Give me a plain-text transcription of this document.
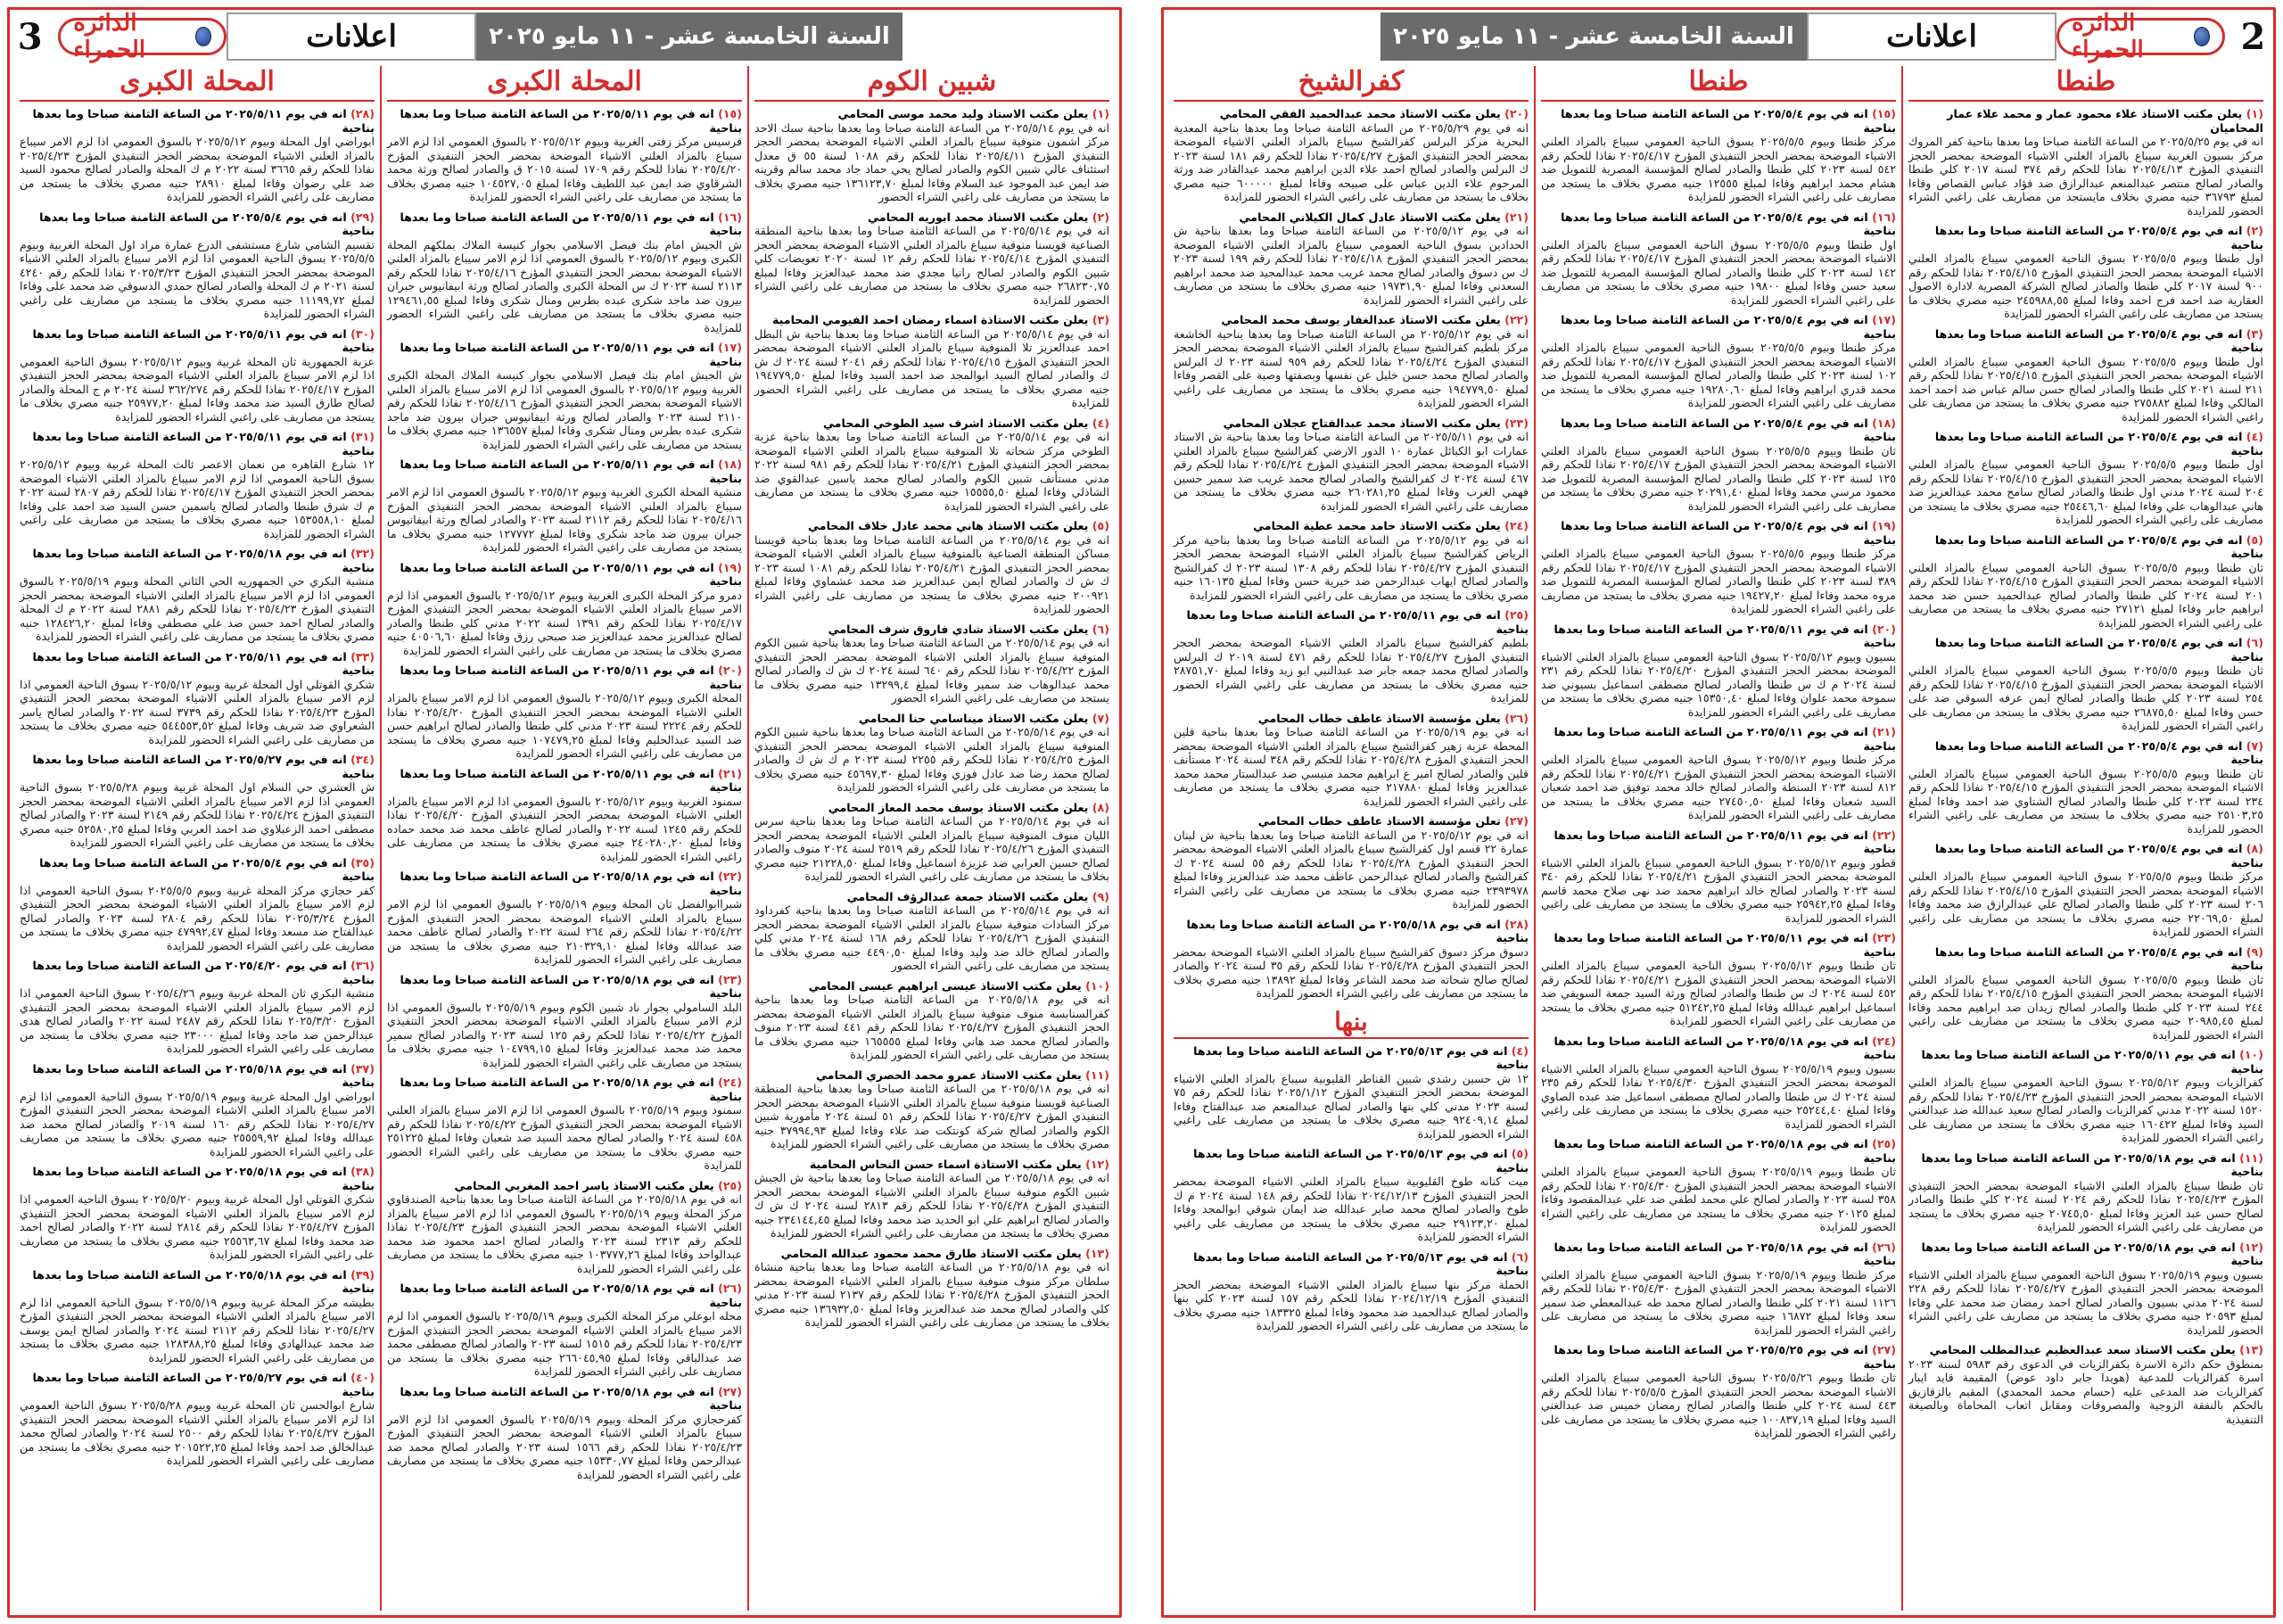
الدائرة الحمراء	2
السنة الخامسة عشر - ١١ مايو ٢٠٢٥	اعلانات
طنطا
(١) يعلن مكتب الاستاذ علاء محمود عمار و محمد علاء عمار المحاميان
انه في يوم ٢٠٢٥/٥/٢٥ من الساعة الثامنة صباحا وما بعدها بناحية كفر المروك مركز بسيون الغربية سيباع بالمزاد العلني الاشياء الموضحة بمحضر الحجز التنفيذي المؤرخ ٢٠٢٥/٤/١٣ نفاذا للحكم رقم ٣٧٤ لسنة ٢٠١٧ كلي طنطا والصادر لصالح منتصر عبدالمنعم عبدالرازق ضد فؤاد عباس القصاص وفاءا لمبلغ ٣٦٧٩٣ جنيه مصري بخلاف مايستجد من مصاريف على راغبي الشراء الحضور للمزايدة
(٢) انه في يوم ٢٠٢٥/٥/٤ من الساعة الثامنة صباحا وما بعدها بناحية
اول طنطا وبيوم ٢٠٢٥/٥/٥ بسوق الناحية العمومي سيباع بالمزاد العلني الاشياء الموضحة بمحضر الحجز التنفيذي المؤرخ ٢٠٢٥/٤/١٥ نفاذا للحكم رقم ٩٠٠ لسنة ٢٠١٧ كلي طنطا والصادر لصالح الشركة المصرية لادارة الاصول العقارية ضد احمد فرج احمد وفاءا لمبلغ ٢٤٥٩٨٨,٥٥ جنيه مصري بخلاف ما يستجد من مصاريف على راغبي الشراء الحضور للمزايدة
(٣) انه في يوم ٢٠٢٥/٥/٤ من الساعة الثامنة صباحا وما بعدها بناحية
اول طنطا وبيوم ٢٠٢٥/٥/٥ بسوق الناحية العمومي سيباع بالمزاد العلني الاشياء الموضحة بمحضر الحجز التنفيذي المؤرخ ٢٠٢٥/٤/١٥ نفاذا للحكم رقم ٢١١ لسنة ٢٠٢١ كلي طنطا والصادر لصالح حسن سالم عباس ضد احمد احمد المالكي وفاءا لمبلغ ٢٧٥٨٨٢ جنيه مصري بخلاف ما يستجد من مصاريف على راغبي الشراء الحضور للمزايدة
(٤) انه في يوم ٢٠٢٥/٥/٤ من الساعة الثامنة صباحا وما بعدها بناحية
اول طنطا وبيوم ٢٠٢٥/٥/٥ بسوق الناحية العمومي سيباع بالمزاد العلني الاشياء الموضحة بمحضر الحجز التنفيذي المؤرخ ٢٠٢٥/٤/١٥ نفاذا للحكم رقم ٢٠٤ لسنة ٢٠٢٤ مدني اول طنطا والصادر لصالح سامح محمد عبدالعزيز ضد هاني عبدالوهاب علي وفاءا لمبلغ ٢٥٤٤٦,٦٠ جنيه مصري بخلاف ما يستجد من مصاريف على راغبي الشراء الحضور للمزايدة
(٥) انه في يوم ٢٠٢٥/٥/٤ من الساعة الثامنة صباحا وما بعدها بناحية
ثان طنطا وبيوم ٢٠٢٥/٥/٥ بسوق الناحية العمومي سيباع بالمزاد العلني الاشياء الموضحة بمحضر الحجز التنفيذي المؤرخ ٢٠٢٥/٤/١٥ نفاذا للحكم رقم ٢٠١ لسنة ٢٠٢٤ كلي طنطا والصادر لصالح عبدالحميد حسن ضد محمد ابراهيم جابر وفاءا لمبلغ ٢٧١٢١ جنيه مصري بخلاف ما يستجد من مصاريف على راغبي الشراء الحضور للمزايدة
(٦) انه في يوم ٢٠٢٥/٥/٤ من الساعة الثامنة صباحا وما بعدها بناحية
ثان طنطا وبيوم ٢٠٢٥/٥/٥ بسوق الناحية العمومي سيباع بالمزاد العلني الاشياء الموضحة بمحضر الحجز التنفيذي المؤرخ ٢٠٢٥/٤/١٥ نفاذا للحكم رقم ٢٥٤ لسنة ٢٠٢٣ كلي طنطا والصادر لصالح ايمن عرفه السوقي ضد على حسن وفاءا لمبلغ ٢٦٨٧٥,٥٠ جنيه مصري بخلاف ما يستجد من مصاريف على راغبي الشراء الحضور للمزايدة
(٧) انه في يوم ٢٠٢٥/٥/٤ من الساعة الثامنة صباحا وما بعدها بناحية
ثان طنطا وبيوم ٢٠٢٥/٥/٥ بسوق الناحية العمومي سيباع بالمزاد العلني الاشياء الموضحة بمحضر الحجز التنفيذي المؤرخ ٢٠٢٥/٤/١٥ نفاذا للحكم رقم ٢٣٤ لسنة ٢٠٢٣ كلي طنطا والصادر لصالح الشتاوي ضد احمد وفاءا لمبلغ ٢٥١٠٣,٢٥ جنيه مصري بخلاف ما يستجد من مصاريف على راغبي الشراء الحضور للمزايدة
(٨) انه في يوم ٢٠٢٥/٥/٤ من الساعة الثامنة صباحا وما بعدها بناحية
مركز طنطا وبيوم ٢٠٢٥/٥/٥ بسوق الناحية العمومي سيباع بالمزاد العلني الاشياء الموضحة بمحضر الحجز التنفيذي المؤرخ ٢٠٢٥/٤/١٥ نفاذا للحكم رقم ٢٠٦ لسنة ٢٠٢٣ كلي طنطا والصادر لصالح علي عبدالرازق ضد محمد وفاءا لمبلغ ٢٢٠٦٩,٥٠ جنيه مصري بخلاف ما يستجد من مصاريف على راغبي الشراء الحضور للمزايدة
(٩) انه في يوم ٢٠٢٥/٥/٤ من الساعة الثامنة صباحا وما بعدها بناحية
ثان طنطا وبيوم ٢٠٢٥/٥/٥ بسوق الناحية العمومي سيباع بالمزاد العلني الاشياء الموضحة بمحضر الحجز التنفيذي المؤرخ ٢٠٢٥/٤/١٥ نفاذا للحكم رقم ٢٤٤ لسنة ٢٠٢٣ كلي طنطا والصادر لصالح زيدان ضد ابراهيم محمد وفاءا لمبلغ ٢٠٩٨٥,٤٥ جنيه مصري بخلاف ما يستجد من مصاريف على راغبي الشراء الحضور للمزايدة
(١٠) انه في يوم ٢٠٢٥/٥/١١ من الساعة الثامنة صباحا وما بعدها بناحية
كفرالزيات وبيوم ٢٠٢٥/٥/١٢ بسوق الناحية العمومي سيباع بالمزاد العلني الاشياء الموضحة بمحضر الحجز التنفيذي المؤرخ ٢٠٢٥/٤/٢٣ نفاذا للحكم رقم ١٥٢٠ لسنة ٢٠٢٢ مدني كفرالزيات والصادر لصالح سعيد عبدالله ضد عبدالغني السيد وفاءا لمبلغ ١٦٠٤٢٢ جنيه مصري بخلاف ما يستجد من مصاريف على راغبي الشراء الحضور للمزايدة
(١١) انه في يوم ٢٠٢٥/٥/١٨ من الساعة الثامنة صباحا وما بعدها بناحية
ثان طنطا سيباع بالمزاد العلني الاشياء الموضحة بمحضر الحجز التنفيذي المؤرخ ٢٠٢٥/٤/٢٣ نفاذا للحكم رقم ٢٠٢٤ لسنة ٢٠٢٤ كلي طنطا والصادر لصالح حسن عبد العزيز وفاءا لمبلغ ٢٠٧٤٥,٥٠ جنيه مصري بخلاف ما يستجد من مصاريف على راغبي الشراء الحضور للمزايدة
(١٢) انه في يوم ٢٠٢٥/٥/١٨ من الساعة الثامنة صباحا وما بعدها بناحية
بسيون وبيوم ٢٠٢٥/٥/١٩ بسوق الناحية العمومي سيباع بالمزاد العلني الاشياء الموضحة بمحضر الحجز التنفيذي المؤرخ ٢٠٢٥/٤/٢٧ نفاذا للحكم رقم ٢٢٨ لسنة ٢٠٢٤ مدني بسيون والصادر لصالح احمد رمضان ضد محمد علي وفاءا لمبلغ ٢٠٥٩٣ جنيه مصري بخلاف ما يستجد من مصاريف على راغبي الشراء الحضور للمزايدة
(١٣) يعلن مكتب الاستاذ سعد عبدالعظيم عبدالمطلب المحامي
بمنطوق حكم دائرة الاسرة بكفرالزيات في الدعوى رقم ٥٩٨٣ لسنة ٢٠٢٣ اسرة كفرالزيات للمدعية (هويدا جابر داود عوض) المقيمة قايد ايبار كفرالزيات ضد المدعى عليه (حسام محمد المحمدي) المقيم بالزقازيق بالحكم بالنفقة الزوجية والمصروفات ومقابل اتعاب المحاماة وبالصيغة التنفيذية
طنطا
(١٥) انه في يوم ٢٠٢٥/٥/٤ من الساعة الثامنة صباحا وما بعدها بناحية
مركز طنطا وبيوم ٢٠٢٥/٥/٥ بسوق الناحية العمومي سيباع بالمزاد العلني الاشياء الموضحة بمحضر الحجز التنفيذي المؤرخ ٢٠٢٥/٤/١٧ نفاذا للحكم رقم ٥٤٢ لسنة ٢٠٢٣ كلي طنطا والصادر لصالح المؤسسة المصرية للتمويل ضد هشام محمد ابراهيم وفاءا لمبلغ ١٢٥٥٥ جنيه مصري بخلاف ما يستجد من مصاريف على راغبي الشراء الحضور للمزايدة
(١٦) انه في يوم ٢٠٢٥/٥/٤ من الساعة الثامنة صباحا وما بعدها بناحية
اول طنطا وبيوم ٢٠٢٥/٥/٥ بسوق الناحية العمومي سيباع بالمزاد العلني الاشياء الموضحة بمحضر الحجز التنفيذي المؤرخ ٢٠٢٥/٤/١٧ نفاذا للحكم رقم ١٤٢ لسنة ٢٠٢٣ كلي طنطا والصادر لصالح المؤسسة المصرية للتمويل ضد سعيد حسن وفاءا لمبلغ ١٩٨٠٠ جنيه مصري بخلاف ما يستجد من مصاريف على راغبي الشراء الحضور للمزايدة
(١٧) انه في يوم ٢٠٢٥/٥/٤ من الساعة الثامنة صباحا وما بعدها بناحية
مركز طنطا وبيوم ٢٠٢٥/٥/٥ بسوق الناحية العمومي سيباع بالمزاد العلني الاشياء الموضحة بمحضر الحجز التنفيذي المؤرخ ٢٠٢٥/٤/١٧ نفاذا للحكم رقم ١٠٢ لسنة ٢٠٢٣ كلي طنطا والصادر لصالح المؤسسة المصرية للتمويل ضد محمد قدري ابراهيم وفاءا لمبلغ ١٩٢٨٠,٦٠ جنيه مصري بخلاف ما يستجد من مصاريف على راغبي الشراء الحضور للمزايدة
(١٨) انه في يوم ٢٠٢٥/٥/٤ من الساعة الثامنة صباحا وما بعدها بناحية
ثان طنطا وبيوم ٢٠٢٥/٥/٥ بسوق الناحية العمومي سيباع بالمزاد العلني الاشياء الموضحة بمحضر الحجز التنفيذي المؤرخ ٢٠٢٥/٤/١٧ نفاذا للحكم رقم ١٢٥ لسنة ٢٠٢٣ كلي طنطا والصادر لصالح المؤسسة المصرية للتمويل ضد محمود مرسي محمد وفاءا لمبلغ ٢٠٢٩١,٤٠ جنيه مصري بخلاف ما يستجد من مصاريف على راغبي الشراء الحضور للمزايدة
(١٩) انه في يوم ٢٠٢٥/٥/٤ من الساعة الثامنة صباحا وما بعدها بناحية
مركز طنطا وبيوم ٢٠٢٥/٥/٥ بسوق الناحية العمومي سيباع بالمزاد العلني الاشياء الموضحة بمحضر الحجز التنفيذي المؤرخ ٢٠٢٥/٤/١٧ نفاذا للحكم رقم ٣٨٩ لسنة ٢٠٢٣ كلي طنطا والصادر لصالح المؤسسة المصرية للتمويل ضد مروه محمد وفاءا لمبلغ ١٩٤٢٧,٢٠ جنيه مصري بخلاف ما يستجد من مصاريف على راغبي الشراء الحضور للمزايدة
(٢٠) انه في يوم ٢٠٢٥/٥/١١ من الساعة الثامنة صباحا وما بعدها بناحية
بسيون وبيوم ٢٠٢٥/٥/١٢ بسوق الناحية العمومي سيباع بالمزاد العلني الاشياء الموضحة بمحضر الحجز التنفيذي المؤرخ ٢٠٢٥/٤/٢٠ نفاذا للحكم رقم ٢٣١ لسنة ٢٠٢٤ م ك س طنطا والصادر لصالح مصطفى اسماعيل بسيوني ضد سموحة محمد علوان وفاءا لمبلغ ١٥٣٥٠,٤٠ جنيه مصري بخلاف ما يستجد من مصاريف على راغبي الشراء الحضور للمزايدة
(٢١) انه في يوم ٢٠٢٥/٥/١١ من الساعة الثامنة صباحا وما بعدها بناحية
مركز طنطا وبيوم ٢٠٢٥/٥/١٢ بسوق الناحية العمومي سيباع بالمزاد العلني الاشياء الموضحة بمحضر الحجز التنفيذي المؤرخ ٢٠٢٥/٤/٢١ نفاذا للحكم رقم ٨١٢ لسنة ٢٠٢٣ السنطة والصادر لصالح خالد محمد توفيق ضد احمد شعبان السيد شعبان وفاءا لمبلغ ٢٧٤٥٠,٥٠ جنيه مصري بخلاف ما يستجد من مصاريف على راغبي الشراء الحضور للمزايدة
(٢٢) انه في يوم ٢٠٢٥/٥/١١ من الساعة الثامنة صباحا وما بعدها بناحية
قطور وبيوم ٢٠٢٥/٥/١٢ بسوق الناحية العمومي سيباع بالمزاد العلني الاشياء الموضحة بمحضر الحجز التنفيذي المؤرخ ٢٠٢٥/٤/٢١ نفاذا للحكم رقم ٣٤٠ لسنة ٢٠٢٣ والصادر لصالح خالد ابراهيم محمد ضد نهى صلاح محمد قاسم وفاءا لمبلغ ٢٥٩٤٢,٢٥ جنيه مصري بخلاف ما يستجد من مصاريف على راغبي الشراء الحضور للمزايدة
(٢٣) انه في يوم ٢٠٢٥/٥/١١ من الساعة الثامنة صباحا وما بعدها بناحية
ثان طنطا وبيوم ٢٠٢٥/٥/١٢ بسوق الناحية العمومي سيباع بالمزاد العلني الاشياء الموضحة بمحضر الحجز التنفيذي المؤرخ ٢٠٢٥/٤/٢١ نفاذا للحكم رقم ٤٥٢ لسنة ٢٠٢٤ ك س طنطا والصادر لصالح ورثة السيد جمعة السويفي ضد اسماعيل ابراهيم عبدالله وفاءا لمبلغ ٥١٢٤٢,٢٥ جنيه مصري بخلاف ما يستجد من مصاريف على راغبي الشراء الحضور للمزايدة
(٢٤) انه في يوم ٢٠٢٥/٥/١٨ من الساعة الثامنة صباحا وما بعدها بناحية
بسيون وبيوم ٢٠٢٥/٥/١٩ بسوق الناحية العمومي سيباع بالمزاد العلني الاشياء الموضحة بمحضر الحجز التنفيذي المؤرخ ٢٠٢٥/٤/٣٠ نفاذا للحكم رقم ٢٣٥ لسنة ٢٠٢٤ ك س طنطا والصادر لصالح مصطفى اسماعيل ضد عبده الصاوي وفاءا لمبلغ ٢٥٢٤٤,٤٠ جنيه مصري بخلاف ما يستجد من مصاريف على راغبي الشراء الحضور للمزايدة
(٢٥) انه في يوم ٢٠٢٥/٥/١٨ من الساعة الثامنة صباحا وما بعدها بناحية
ثان طنطا وبيوم ٢٠٢٥/٥/١٩ بسوق الناحية العمومي سيباع بالمزاد العلني الاشياء الموضحة بمحضر الحجز التنفيذي المؤرخ ٢٠٢٥/٤/٣٠ نفاذا للحكم رقم ٣٥٨ لسنة ٢٠٢٣ والصادر لصالح علي محمد لطفي ضد علي عبدالمقصود وفاءا لمبلغ ٢٠١٢٥ جنيه مصري بخلاف ما يستجد من مصاريف على راغبي الشراء الحضور للمزايدة
(٢٦) انه في يوم ٢٠٢٥/٥/١٨ من الساعة الثامنة صباحا وما بعدها بناحية
مركز طنطا وبيوم ٢٠٢٥/٥/١٩ بسوق الناحية العمومي سيباع بالمزاد العلني الاشياء الموضحة بمحضر الحجز التنفيذي المؤرخ ٢٠٢٥/٤/٣٠ نفاذا للحكم رقم ١١٢٦ لسنة ٢٠٢١ كلي طنطا والصادر لصالح محمد طه عبدالمعطي ضد سمير سعد وفاءا لمبلغ ١٦٨٧٢ جنيه مصري بخلاف ما يستجد من مصاريف على راغبي الشراء الحضور للمزايدة
(٢٧) انه في يوم ٢٠٢٥/٥/٢٥ من الساعة الثامنة صباحا وما بعدها بناحية
ثان طنطا وبيوم ٢٠٢٥/٥/٢٦ بسوق الناحية العمومي سيباع بالمزاد العلني الاشياء الموضحة بمحضر الحجز التنفيذي المؤرخ ٢٠٢٥/٥/٥ نفاذا للحكم رقم ٤٤٣ لسنة ٢٠٢٤ كلي طنطا والصادر لصالح رمضان خميس ضد عبدالغني السيد وفاءا لمبلغ ١٠٠٨٣٧,١٩ جنيه مصري بخلاف ما يستجد من مصاريف على راغبي الشراء الحضور للمزايدة
كفرالشيخ
(٢٠) يعلن مكتب الاستاذ محمد عبدالحميد الفقي المحامي
انه في يوم ٢٠٢٥/٥/٢٩ من الساعة الثامنة صباحا وما بعدها بناحية المعدية البحرية مركز البرلس كفرالشيخ سيباع بالمزاد العلني الاشياء الموضحة بمحضر الحجز التنفيذي المؤرخ ٢٠٢٥/٤/٢٧ نفاذا للحكم رقم ١٨١ لسنة ٢٠٢٣ ك البرلس والصادر لصالح احمد علاء الدين ابراهيم محمد عبدالقادر ضد ورثة المرحوم علاء الدين عباس على صبيحه وفاءا لمبلغ ٦٠٠٠٠٠ جنيه مصري بخلاف ما يستجد من مصاريف على راغبي الشراء الحضور للمزايدة
(٢١) يعلن مكتب الاستاذ عادل كمال الكيلاني المحامي
انه في يوم ٢٠٢٥/٥/١٢ من الساعة الثامنة صباحا وما بعدها بناحية ش الحدادين بسوق الناحية العمومي سيباع بالمزاد العلني الاشياء الموضحة بمحضر الحجز التنفيذي المؤرخ ٢٠٢٥/٤/١٨ نفاذا للحكم رقم ١٩٩ لسنة ٢٠٢٣ ك س دسوق والصادر لصالح محمد غريب محمد عبدالمجيد ضد محمد ابراهيم السعدني وفاءا لمبلغ ١٩٧٣١,٩٠ جنيه مصري بخلاف ما يستجد من مصاريف على راغبي الشراء الحضور للمزايدة
(٢٢) يعلن مكتب الاستاذ عبدالغفار يوسف محمد المحامي
انه في يوم ٢٠٢٥/٥/١٢ من الساعة الثامنة صباحا وما بعدها بناحية الخاشعة مركز بلطيم كفرالشيخ سيباع بالمزاد العلني الاشياء الموضحة بمحضر الحجز التنفيذي المؤرخ ٢٠٢٥/٤/٢٤ نفاذا للحكم رقم ٩٥٩ لسنة ٢٠٢٣ ك البرلس والصادر لصالح محمد حسن خليل عن نفسها وبصفتها وصية على القصر وفاءا لمبلغ ١٩٤٧٧٩,٥٠ جنيه مصري بخلاف ما يستجد من مصاريف على راغبي الشراء الحضور للمزايدة
(٢٣) يعلن مكتب الاستاذ محمد عبدالفتاح عجلان المحامي
انه في يوم ٢٠٢٥/٥/١١ من الساعة الثامنة صباحا وما بعدها بناحية ش الاستاد عمارات ابو الكبائل عمارة ١٠ الدور الارضي كفرالشيخ سيباع بالمزاد العلني الاشياء الموضحة بمحضر الحجز التنفيذي المؤرخ ٢٠٢٥/٤/٢٤ نفاذا للحكم رقم ٤٦٧ لسنة ٢٠٢٤ ك كفرالشيخ والصادر لصالح محمد غريب ضد سمير حسين فهمي الغرب وفاءا لمبلغ ٢٦٠٢٨١,٢٥ جنيه مصري بخلاف ما يستجد من مصاريف على راغبي الشراء الحضور للمزايدة
(٢٤) يعلن مكتب الاستاذ حامد محمد عطية المحامي
انه في يوم ٢٠٢٥/٥/١٢ من الساعة الثامنة صباحا وما بعدها بناحية مركز الرياض كفرالشيخ سيباع بالمزاد العلني الاشياء الموضحة بمحضر الحجز التنفيذي المؤرخ ٢٠٢٥/٤/٢٧ نفاذا للحكم رقم ١٣٠٨ لسنة ٢٠٢٣ ك كفرالشيخ والصادر لصالح ايهاب عبدالرحمن ضد خيرية حسن وفاءا لمبلغ ١٦٠١٣٥ جنيه مصري بخلاف ما يستجد من مصاريف على راغبي الشراء الحضور للمزايدة
(٢٥) انه في يوم ٢٠٢٥/٥/١١ من الساعة الثامنة صباحا وما بعدها بناحية
بلطيم كفرالشيخ سيباع بالمزاد العلني الاشياء الموضحة بمحضر الحجز التنفيذي المؤرخ ٢٠٢٥/٤/٢٧ نفاذا للحكم رقم ٤٧١ لسنة ٢٠١٩ ك البرلس والصادر لصالح محمد جمعه جابر ضد عبدالنبي ابو زيد وفاءا لمبلغ ٢٨٧٥١,٧٠ جنيه مصري بخلاف ما يستجد من مصاريف على راغبي الشراء الحضور للمزايدة
(٢٦) يعلن مؤسسة الاستاذ عاطف خطاب المحامي
انه في يوم ٢٠٢٥/٥/١٩ من الساعة الثامنة صباحا وما بعدها بناحية قلين المحطة عزبة زهير كفرالشيخ سيباع بالمزاد العلني الاشياء الموضحة بمحضر الحجز التنفيذي المؤرخ ٢٠٢٥/٤/٢٨ نفاذا للحكم رقم ٣٤٨ لسنة ٢٠٢٤ مستأنف قلين والصادر لصالح امير ع ابراهيم محمد منيسي ضد عبدالستار محمد محمد عبدالعزيز وفاءا لمبلغ ٢١٧٨٨٠ جنيه مصري بخلاف ما يستجد من مصاريف على راغبي الشراء الحضور للمزايدة
(٢٧) تعلن مؤسسة الاستاذ عاطف خطاب المحامي
انه في يوم ٢٠٢٥/٥/١٢ من الساعة الثامنة صباحا وما بعدها بناحية ش لبنان عمارة ٢٢ قسم اول كفرالشيخ سيباع بالمزاد العلني الاشياء الموضحة بمحضر الحجز التنفيذي المؤرخ ٢٠٢٥/٤/٢٨ نفاذا للحكم رقم ٥٥ لسنة ٢٠٢٤ ك كفرالشيخ والصادر لصالح عبدالرحمن عاطف محمد ضد عبدالعزيز وفاءا لمبلغ ٢٣٩٣٩٧٨ جنيه مصري بخلاف ما يستجد من مصاريف على راغبي الشراء الحضور للمزايدة
(٢٨) انه في يوم ٢٠٢٥/٥/١٨ من الساعة الثامنة صباحا وما بعدها بناحية
دسوق مركز دسوق كفرالشيخ سيباع بالمزاد العلني الاشياء الموضحة بمحضر الحجز التنفيذي المؤرخ ٢٠٢٥/٤/٢٨ نفاذا للحكم رقم ٣٥ لسنة ٢٠٢٤ والصادر لصالح صالح شحاته ضد محمد الشاعر وفاءا لمبلغ ١٣٨٩٢ جنيه مصري بخلاف ما يستجد من مصاريف على راغبي الشراء الحضور للمزايدة
بنها
(٤) انه في يوم ٢٠٢٥/٥/١٣ من الساعة الثامنة صباحا وما بعدها بناحية
١٢ ش حسين رشدي شبين القناطر القليوبية سيباع بالمزاد العلني الاشياء الموضحة بمحضر الحجز التنفيذي المؤرخ ٢٠٢٥/١/١٢ نفاذا للحكم رقم ٧٥ لسنة ٢٠٢٣ مدني كلي بنها والصادر لصالح عبدالمنعم ضد عبدالفتاح وفاءا لمبلغ ٩٢٤٠٩,١٤ جنيه مصري بخلاف ما يستجد من مصاريف على راغبي الشراء الحضور للمزايدة
(٥) انه في يوم ٢٠٢٥/٥/١٣ من الساعة الثامنة صباحا وما بعدها بناحية
ميت كنانه طوخ القليوبية سيباع بالمزاد العلني الاشياء الموضحة بمحضر الحجز التنفيذي المؤرخ ٢٠٢٤/١٢/١٣ نفاذا للحكم رقم ١٤٨ لسنة ٢٠٢٤ م ك طوخ والصادر لصالح محمد صابر عبدالله ضد ايمان شوقي ابوالمجد وفاءا لمبلغ ٢٩١٢٣,٢٠ جنيه مصري بخلاف ما يستجد من مصاريف على راغبي الشراء الحضور للمزايدة
(٦) انه في يوم ٢٠٢٥/٥/١٣ من الساعة الثامنة صباحا وما بعدها بناحية
الحملة مركز بنها سيباع بالمزاد العلني الاشياء الموضحة بمحضر الحجز التنفيذي المؤرخ ٢٠٢٤/١٢/١٩ نفاذا للحكم رقم ١٥٧ لسنة ٢٠٢٣ كلي بنها والصادر لصالح عبدالحميد ضد محمود وفاءا لمبلغ ١٨٣٣٢٥ جنيه مصري بخلاف ما يستجد من مصاريف على راغبي الشراء الحضور للمزايدة
اعلانات	السنة الخامسة عشر - ١١ مايو ٢٠٢٥
3 الدائرة الحمراء
شبين الكوم
(١) يعلن مكتب الاستاذ وليد محمد موسى المحامي
انه في يوم ٢٠٢٥/٥/١٤ من الساعة الثامنة صباحا وما بعدها بناحية سبك الاحد مركز اشمون منوفية سيباع بالمزاد العلني الاشياء الموضحة بمحضر الحجز التنفيذي المؤرخ ٢٠٢٥/٤/١١ نفاذا للحكم رقم ١٠٨٨ لسنة ٥٥ ق معدل استئناف عالي شبين الكوم والصادر لصالح يحي حماد جاد محمد سالم وقرينه ضد ايمن عبد الموجود عبد السلام وفاءا لمبلغ ١٣٦١٢٣,٧٠ جنيه مصري بخلاف ما يستجد من مصاريف على راغبي الشراء الحضور
(٢) يعلن مكتب الاستاذ محمد ابوريه المحامي
انه في يوم ٢٠٢٥/٥/١٤ من الساعة الثامنة صباحا وما بعدها بناحية المنطقة الصناعية قويسنا منوفية سيباع بالمزاد العلني الاشياء الموضحة بمحضر الحجز التنفيذي المؤرخ ٢٠٢٥/٤/١٤ نفاذا للحكم رقم ١٢ لسنة ٢٠٢٠ تعويضات كلي شبين الكوم والصادر لصالح رانيا مجدي ضد محمد عبدالعزيز وفاءا لمبلغ ٢٦٨٢٣٠,٧٥ جنيه مصري بخلاف ما يستجد من مصاريف على راغبي الشراء الحضور للمزايدة
(٣) يعلن مكتب الاستاذة اسماء رمضان احمد الفيومي المحامية
انه في يوم ٢٠٢٥/٥/١٤ من الساعة الثامنة صباحا وما بعدها بناحية ش البطل احمد عبدالعزيز تلا المنوفية سيباع بالمزاد العلني الاشياء الموضحة بمحضر الحجز التنفيذي المؤرخ ٢٠٢٥/٤/١٥ نفاذا للحكم رقم ٢٠٤١ لسنة ٢٠٢٤ ك ش ك والصادر لصالح السيد ابوالمجد ضد احمد السيد وفاءا لمبلغ ١٩٤٧٧٩,٥٠ جنيه مصري بخلاف ما يستجد من مصاريف على راغبي الشراء الحضور للمزايدة
(٤) يعلن مكتب الاستاذ اشرف سيد الطوخي المحامي
انه في يوم ٢٠٢٥/٥/١٤ من الساعة الثامنة صباحا وما بعدها بناحية عزبة الطوخي مركز شحاته تلا المنوفية سيباع بالمزاد العلني الاشياء الموضحة بمحضر الحجز التنفيذي المؤرخ ٢٠٢٥/٤/٢١ نفاذا للحكم رقم ٩٨١ لسنة ٢٠٢٢ مدني مستأنف شبين الكوم والصادر لصالح محمد ياسين عبدالقوي ضد الشاذلي وفاءا لمبلغ ١٥٥٥٥,٥٠ جنيه مصري بخلاف ما يستجد من مصاريف على راغبي الشراء الحضور للمزايدة
(٥) يعلن مكتب الاستاذ هاني محمد عادل خلاف المحامي
انه في يوم ٢٠٢٥/٥/١٤ من الساعة الثامنة صباحا وما بعدها بناحية قويسنا مساكن المنطقة الصناعية بالمنوفية سيباع بالمزاد العلني الاشياء الموضحة بمحضر الحجز التنفيذي المؤرخ ٢٠٢٥/٤/٢١ نفاذا للحكم رقم ١٠٨١ لسنة ٢٠٢٣ ك ش ك والصادر لصالح ايمن عبدالعزيز ضد محمد عشماوي وفاءا لمبلغ ٢٠٠٩٢١ جنيه مصري بخلاف ما يستجد من مصاريف على راغبي الشراء الحضور للمزايدة
(٦) يعلن مكتب الاستاذ شادي فاروق شرف المحامي
انه في يوم ٢٠٢٥/٥/١٤ من الساعة الثامنة صباحا وما بعدها بناحية شبين الكوم المنوفية سيباع بالمزاد العلني الاشياء الموضحة بمحضر الحجز التنفيذي المؤرخ ٢٠٢٥/٤/٢٢ نفاذا للحكم رقم ٦٤٠ لسنة ٢٠٢٤ ك ش ك والصادر لصالح محمد عبدالوهاب ضد سمير وفاءا لمبلغ ١٣٢٩٩,٤ جنيه مصري بخلاف ما يستجد من مصاريف على راغبي الشراء الحضور
(٧) يعلن مكتب الاستاذ ميناسامي حنا المحامي
انه في يوم ٢٠٢٥/٥/١٤ من الساعة الثامنة صباحا وما بعدها بناحية شبين الكوم المنوفية سيباع بالمزاد العلني الاشياء الموضحة بمحضر الحجز التنفيذي المؤرخ ٢٠٢٥/٤/٢٥ نفاذا للحكم رقم ٢٢٥٥ لسنة ٢٠٢٣ م ك ش ك والصادر لصالح محمد رضا ضد عادل فوزي وفاءا لمبلغ ٤٥٦٩٧,٣٠ جنيه مصري بخلاف ما يستجد من مصاريف على راغبي الشراء الحضور للمزايدة
(٨) يعلن مكتب الاستاذ يوسف محمد المعاز المحامي
انه في يوم ٢٠٢٥/٥/١٤ من الساعة الثامنة صباحا وما بعدها بناحية سرس الليان منوف المنوفية سيباع بالمزاد العلني الاشياء الموضحة بمحضر الحجز التنفيذي المؤرخ ٢٠٢٥/٤/٢٦ نفاذا للحكم رقم ٢٥١٩ لسنة ٢٠٢٤ منوف والصادر لصالح حسين العرابي ضد عزيزة اسماعيل وفاءا لمبلغ ٢١٢٢٨,٥٠ جنيه مصري بخلاف ما يستجد من مصاريف على راغبي الشراء الحضور للمزايدة
(٩) يعلن مكتب الاستاذ جمعة عبدالرؤف المحامي
انه في يوم ٢٠٢٥/٥/١٤ من الساعة الثامنة صباحا وما بعدها بناحية كفرداود مركز السادات منوفية سيباع بالمزاد العلني الاشياء الموضحة بمحضر الحجز التنفيذي المؤرخ ٢٠٢٥/٤/٢٦ نفاذا للحكم رقم ١٦٨ لسنة ٢٠٢٤ مدني كلي والصادر لصالح خالد ضد وليد وفاءا لمبلغ ٤٤٩٠,٥٠ جنيه مصري بخلاف ما يستجد من مصاريف على راغبي الشراء الحضور
(١٠) يعلن مكتب الاستاذ عيسى ابراهيم عيسى المحامي
انه في يوم ٢٠٢٥/٥/١٨ من الساعة الثامنة صباحا وما بعدها بناحية كفرالسنابسة منوف منوفية سيباع بالمزاد العلني الاشياء الموضحة بمحضر الحجز التنفيذي المؤرخ ٢٠٢٥/٤/٢٧ نفاذا للحكم رقم ٤٤١ لسنة ٢٠٢٣ منوف والصادر لصالح محمد ضد هاني وفاءا لمبلغ ١٦٥٥٥٥ جنيه مصري بخلاف ما يستجد من مصاريف على راغبي الشراء الحضور للمزايدة
(١١) يعلن مكتب الاستاذ عمرو محمد الحصري المحامي
انه في يوم ٢٠٢٥/٥/١٨ من الساعة الثامنة صباحا وما بعدها بناحية المنطقة الصناعية قويسنا منوفية سيباع بالمزاد العلني الاشياء الموضحة بمحضر الحجز التنفيذي المؤرخ ٢٠٢٥/٤/٢٧ نفاذا للحكم رقم ٥١ لسنة ٢٠٢٤ مأمورية شبين الكوم والصادر لصالح شركة كونتكت ضد علاء وفاءا لمبلغ ٣٧٩٩٤,٩٣ جنيه مصري بخلاف ما يستجد من مصاريف على راغبي الشراء الحضور للمزايدة
(١٢) يعلن مكتب الاستاذة اسماء حسن النحاس المحامية
انه في يوم ٢٠٢٥/٥/١٨ من الساعة الثامنة صباحا وما بعدها بناحية ش الجيش شبين الكوم منوفية سيباع بالمزاد العلني الاشياء الموضحة بمحضر الحجز التنفيذي المؤرخ ٢٠٢٥/٤/٢٨ نفاذا للحكم رقم ٢٨١٣ لسنة ٢٠٢٤ ك ش ك والصادر لصالح ابراهيم علي ابو الحديد ضد محمد وفاءا لمبلغ ٢٣٤١٤٤,٤٥ جنيه مصري بخلاف ما يستجد من مصاريف على راغبي الشراء الحضور للمزايدة
(١٣) يعلن مكتب الاستاذ طارق محمد محمود عبدالله المحامي
انه في يوم ٢٠٢٥/٥/١٨ من الساعة الثامنة صباحا وما بعدها بناحية منشاة سلطان مركز منوف منوفية سيباع بالمزاد العلني الاشياء الموضحة بمحضر الحجز التنفيذي المؤرخ ٢٠٢٥/٤/٢٨ نفاذا للحكم رقم ٢١٣٧ لسنة ٢٠٢٣ مدني كلي والصادر لصالح محمد ضد عبدالعزيز وفاءا لمبلغ ١٣٦٩٣٢,٥٠ جنيه مصري بخلاف ما يستجد من مصاريف على راغبي الشراء الحضور للمزايدة
المحلة الكبرى
(١٥) انه في يوم ٢٠٢٥/٥/١١ من الساعة الثامنة صباحا وما بعدها بناحية
فرسيس مركز زفتى الغربية وبيوم ٢٠٢٥/٥/١٢ بالسوق العمومي اذا لزم الامر سيباع بالمزاد العلني الاشياء الموضحة بمحضر الحجز التنفيذي المؤرخ ٢٠٢٥/٤/٢٠ نفاذا للحكم رقم ١٧٠٩ لسنة ٢٠١٥ ق والصادر لصالح ورثة محمد الشرقاوي ضد ايمن عبد اللطيف وفاءا لمبلغ ١٠٤٥٢٧,٠٥ جنيه مصري بخلاف ما يستجد من مصاريف على راغبي الشراء الحضور للمزايدة
(١٦) انه في يوم ٢٠٢٥/٥/١١ من الساعة الثامنة صباحا وما بعدها بناحية
ش الجيش امام بنك فيصل الاسلامي بجوار كنيسة الملاك بملكهم المحلة الكبرى وبيوم ٢٠٢٥/٥/١٢ بالسوق العمومي اذا لزم الامر سيباع بالمزاد العلني الاشياء الموضحة بمحضر الحجز التنفيذي المؤرخ ٢٠٢٥/٤/١٦ نفاذا للحكم رقم ٢١١٣ لسنة ٢٠٢٣ ك س المحلة الكبرى والصادر لصالح ورثة ابيفانيوس جبران بيرون ضد ماجد شكرى عبده بطرس ومنال شكرى وفاءا لمبلغ ١٢٩٤٦١,٥٥ جنيه مصري بخلاف ما يستجد من مصاريف على راغبي الشراء الحضور للمزايدة
(١٧) انه في يوم ٢٠٢٥/٥/١١ من الساعة الثامنة صباحا وما بعدها بناحية
ش الجيش امام بنك فيصل الاسلامي بجوار كنيسة الملاك المحلة الكبرى الغربية وبيوم ٢٠٢٥/٥/١٢ بالسوق العمومي اذا لزم الامر سيباع بالمزاد العلني الاشياء الموضحة بمحضر الحجز التنفيذي المؤرخ ٢٠٢٥/٤/١٦ نفاذا للحكم رقم ٢١١٠ لسنة ٢٠٢٣ والصادر لصالح ورثة ابيفانيوس جبران بيرون ضد ماجد شكرى عبده بطرس ومنال شكرى وفاءا لمبلغ ١٣٦٥٥٧ جنيه مصري بخلاف ما يستجد من مصاريف على راغبي الشراء الحضور للمزايدة
(١٨) انه في يوم ٢٠٢٥/٥/١١ من الساعة الثامنة صباحا وما بعدها بناحية
منشية المحلة الكبرى الغربية وبيوم ٢٠٢٥/٥/١٢ بالسوق العمومي اذا لزم الامر سيباع بالمزاد العلني الاشياء الموضحة بمحضر الحجز التنفيذي المؤرخ ٢٠٢٥/٤/١٦ نفاذا للحكم رقم ٢١١٢ لسنة ٢٠٢٣ والصادر لصالح ورثة ابيفانيوس جبران بيرون ضد ماجد شكرى وفاءا لمبلغ ١٢٧٧٧٢ جنيه مصري بخلاف ما يستجد من مصاريف على راغبي الشراء الحضور للمزايدة
(١٩) انه في يوم ٢٠٢٥/٥/١١ من الساعة الثامنة صباحا وما بعدها بناحية
دمرو مركز المحلة الكبرى الغربية وبيوم ٢٠٢٥/٥/١٢ بالسوق العمومي اذا لزم الامر سيباع بالمزاد العلني الاشياء الموضحة بمحضر الحجز التنفيذي المؤرخ ٢٠٢٥/٤/١٧ نفاذا للحكم رقم ١٣٩١ لسنة ٢٠٢٢ مدني كلي طنطا والصادر لصالح عبدالعزيز محمد عبدالعزيز ضد صبحي رزق وفاءا لمبلغ ٤٠٥٠٦,٦٠ جنيه مصري بخلاف ما يستجد من مصاريف على راغبي الشراء الحضور للمزايدة
(٢٠) انه في يوم ٢٠٢٥/٥/١١ من الساعة الثامنة صباحا وما بعدها بناحية
المحلة الكبرى وبيوم ٢٠٢٥/٥/١٢ بالسوق العمومي اذا لزم الامر سيباع بالمزاد العلني الاشياء الموضحة بمحضر الحجز التنفيذي المؤرخ ٢٠٢٥/٤/٢٠ نفاذا للحكم رقم ٢٢٢٤ لسنة ٢٠٢٣ مدني كلي طنطا والصادر لصالح ابراهيم حسن ضد السيد عبدالحليم وفاءا لمبلغ ١٠٧٤٧٩,٢٥ جنيه مصري بخلاف ما يستجد من مصاريف على راغبي الشراء الحضور للمزايدة
(٢١) انه في يوم ٢٠٢٥/٥/١١ من الساعة الثامنة صباحا وما بعدها بناحية
سمنود الغربية وبيوم ٢٠٢٥/٥/١٢ بالسوق العمومي اذا لزم الامر سيباع بالمزاد العلني الاشياء الموضحة بمحضر الحجز التنفيذي المؤرخ ٢٠٢٥/٤/٢٠ نفاذا للحكم رقم ١٢٤٥ لسنة ٢٠٢٢ والصادر لصالح عاطف محمد ضد محمد حماده وفاءا لمبلغ ٢٤٠٢٨٠,٢٠ جنيه مصري بخلاف ما يستجد من مصاريف على راغبي الشراء الحضور للمزايدة
(٢٢) انه في يوم ٢٠٢٥/٥/١٨ من الساعة الثامنة صباحا وما بعدها بناحية
شبراابوالفضل ثان المحلة وبيوم ٢٠٢٥/٥/١٩ بالسوق العمومي اذا لزم الامر سيباع بالمزاد العلني الاشياء الموضحة بمحضر الحجز التنفيذي المؤرخ ٢٠٢٥/٤/٢٢ نفاذا للحكم رقم ٢٦٤ لسنة ٢٠٢٢ والصادر لصالح عاطف محمد ضد عبدالله وفاءا لمبلغ ٢١٠٣٢٩,١٠ جنيه مصري بخلاف ما يستجد من مصاريف على راغبي الشراء الحضور للمزايدة
(٢٣) انه في يوم ٢٠٢٥/٥/١٨ من الساعة الثامنة صباحا وما بعدها بناحية
البلد السامولي بجوار ناد شبين الكوم وبيوم ٢٠٢٥/٥/١٩ بالسوق العمومي اذا لزم الامر سيباع بالمزاد العلني الاشياء الموضحة بمحضر الحجز التنفيذي المؤرخ ٢٠٢٥/٤/٢٢ نفاذا للحكم رقم ١٢٥ لسنة ٢٠٢٣ والصادر لصالح سمير محمد ضد محمد عبدالعزيز وفاءا لمبلغ ١٠٤٧٩٩,١٥ جنيه مصري بخلاف ما يستجد من مصاريف على راغبي الشراء الحضور للمزايدة
(٢٤) انه في يوم ٢٠٢٥/٥/١٨ من الساعة الثامنة صباحا وما بعدها بناحية
سمنود وبيوم ٢٠٢٥/٥/١٩ بالسوق العمومي اذا لزم الامر سيباع بالمزاد العلني الاشياء الموضحة بمحضر الحجز التنفيذي المؤرخ ٢٠٢٥/٤/٢٢ نفاذا للحكم رقم ٤٥٨ لسنة ٢٠٢٤ والصادر لصالح محمد السيد ضد شعبان وفاءا لمبلغ ٢٥١٢٢٥ جنيه مصري بخلاف ما يستجد من مصاريف على راغبي الشراء الحضور للمزايدة
(٢٥) يعلن مكتب الاستاذ ياسر احمد المغربي المحامي
انه في يوم ٢٠٢٥/٥/١٨ من الساعة الثامنة صباحا وما بعدها بناحية الصندقاوي مركز المحلة وبيوم ٢٠٢٥/٥/١٩ بالسوق العمومي اذا لزم الامر سيباع بالمزاد العلني الاشياء الموضحة بمحضر الحجز التنفيذي المؤرخ ٢٠٢٥/٤/٢٣ نفاذا للحكم رقم ٢٣١٣ لسنة ٢٠٢٣ والصادر لصالح احمد محمود ضد محمد عبدالواحد وفاءا لمبلغ ١٠٣٧٧٧,٢٦ جنيه مصري بخلاف ما يستجد من مصاريف على راغبي الشراء الحضور للمزايدة
(٢٦) انه في يوم ٢٠٢٥/٥/١٨ من الساعة الثامنة صباحا وما بعدها بناحية
محله ابوعلي مركز المحلة الكبرى وبيوم ٢٠٢٥/٥/١٩ بالسوق العمومي اذا لزم الامر سيباع بالمزاد العلني الاشياء الموضحة بمحضر الحجز التنفيذي المؤرخ ٢٠٢٥/٤/٢٣ نفاذا للحكم رقم ١٥١٥ لسنة ٢٠٢٣ والصادر لصالح مصطفى محمد ضد عبدالباقي وفاءا لمبلغ ٢٦٦٠٤٥,٩٥ جنيه مصري بخلاف ما يستجد من مصاريف على راغبي الشراء الحضور للمزايدة
(٢٧) انه في يوم ٢٠٢٥/٥/١٨ من الساعة الثامنة صباحا وما بعدها بناحية
كفرحجازي مركز المحلة وبيوم ٢٠٢٥/٥/١٩ بالسوق العمومي اذا لزم الامر سيباع بالمزاد العلني الاشياء الموضحة بمحضر الحجز التنفيذي المؤرخ ٢٠٢٥/٤/٢٣ نفاذا للحكم رقم ١٥٦٦ لسنة ٢٠٢٣ والصادر لصالح محمد ضد عبدالرحمن وفاءا لمبلغ ١٥٣٣٠,٧٧ جنيه مصري بخلاف ما يستجد من مصاريف على راغبي الشراء الحضور للمزايدة
المحلة الكبرى
(٢٨) انه في يوم ٢٠٢٥/٥/١١ من الساعة الثامنة صباحا وما بعدها بناحية
ابوراضي اول المحلة وبيوم ٢٠٢٥/٥/١٢ بالسوق العمومي اذا لزم الامر سيباع بالمزاد العلني الاشياء الموضحة بمحضر الحجز التنفيذي المؤرخ ٢٠٢٥/٤/٢٣ نفاذا للحكم رقم ٣٦٦٥ لسنة ٢٠٢٢ م ك المحلة والصادر لصالح محمود السيد ضد علي رضوان وفاءا لمبلغ ٢٨٩١٠ جنيه مصري بخلاف ما يستجد من مصاريف على راغبي الشراء الحضور للمزايدة
(٢٩) انه في يوم ٢٠٢٥/٥/٤ من الساعة الثامنة صباحا وما بعدها بناحية
تقسيم الشامي شارع مستشفى الدرع عمارة مراد اول المحلة الغربية وبيوم ٢٠٢٥/٥/٥ بسوق الناحية العمومي اذا لزم الامر سيباع بالمزاد العلني الاشياء الموضحة بمحضر الحجز التنفيذي المؤرخ ٢٠٢٥/٣/٢٣ نفاذا للحكم رقم ٤٢٤٠ لسنة ٢٠٢١ م ك المحلة والصادر لصالح حمدي الدسوقي ضد محمد على وفاءا لمبلغ ١١١٩٩,٧٢ جنيه مصري بخلاف ما يستجد من مصاريف على راغبي الشراء الحضور للمزايدة
(٣٠) انه في يوم ٢٠٢٥/٥/١١ من الساعة الثامنة صباحا وما بعدها بناحية
عزبة الجمهورية ثان المحلة غربية وبيوم ٢٠٢٥/٥/١٢ بسوق الناحية العمومي اذا لزم الامر سيباع بالمزاد العلني الاشياء الموضحة بمحضر الحجز التنفيذي المؤرخ ٢٠٢٥/٤/١٧ نفاذا للحكم رقم ٣٦٢/٢٧٤ لسنة ٢٠٢٤ م ج المحلة والصادر لصالح طارق السيد ضد محمد وفاءا لمبلغ ٢٥٩٧٧,٢٠ جنيه مصري بخلاف ما يستجد من مصاريف على راغبي الشراء الحضور للمزايدة
(٣١) انه في يوم ٢٠٢٥/٥/١١ من الساعة الثامنة صباحا وما بعدها بناحية
١٢ شارع القاهره من نعمان الاعصر ثالث المحلة غربية وبيوم ٢٠٢٥/٥/١٢ بسوق الناحية العمومي اذا لزم الامر سيباع بالمزاد العلني الاشياء الموضحة بمحضر الحجز التنفيذي المؤرخ ٢٠٢٥/٤/١٧ نفاذا للحكم رقم ٢٨٠٧ لسنة ٢٠٢٢ م ك شرق طنطا والصادر لصالح ياسمين حسن السيد ضد احمد على وفاءا لمبلغ ١٥٣٥٥٨,١٠ جنيه مصري بخلاف ما يستجد من مصاريف على راغبي الشراء الحضور للمزايدة
(٣٢) انه في يوم ٢٠٢٥/٥/١٨ من الساعة الثامنة صباحا وما بعدها بناحية
منشية البكري حي الجمهوريه الحي الثاني المحلة وبيوم ٢٠٢٥/٥/١٩ بالسوق العمومي اذا لزم الامر سيباع بالمزاد العلني الاشياء الموضحة بمحضر الحجز التنفيذي المؤرخ ٢٠٢٥/٤/٢٣ نفاذا للحكم رقم ٢٨٨١ لسنة ٢٠٢٢ م ك المحلة والصادر لصالح احمد حسن ضد علي مصطفى وفاءا لمبلغ ١٢٨٤٢٦,٢٠ جنيه مصري بخلاف ما يستجد من مصاريف على راغبي الشراء الحضور للمزايدة
(٣٣) انه في يوم ٢٠٢٥/٥/١١ من الساعة الثامنة صباحا وما بعدها بناحية
شكري القوتلي اول المحلة غربية وبيوم ٢٠٢٥/٥/١٢ بسوق الناحية العمومي اذا لزم الامر سيباع بالمزاد العلني الاشياء الموضحة بمحضر الحجز التنفيذي المؤرخ ٢٠٢٥/٤/٢٣ نفاذا للحكم رقم ٣٧٣٩ لسنة ٢٠٢٢ والصادر لصالح ياسر الشعراوي ضد شريف وفاءا لمبلغ ٥٤٤٥٥٣,٥٢ جنيه مصري بخلاف ما يستجد من مصاريف على راغبي الشراء الحضور للمزايدة
(٣٤) انه في يوم ٢٠٢٥/٥/٢٧ من الساعة الثامنة صباحا وما بعدها بناحية
ش العشري حي السلام اول المحلة غربية وبيوم ٢٠٢٥/٥/٢٨ بسوق الناحية العمومي اذا لزم الامر سيباع بالمزاد العلني الاشياء الموضحة بمحضر الحجز التنفيذي المؤرخ ٢٠٢٥/٤/٢٤ نفاذا للحكم رقم ٢١٤٩ لسنة ٢٠٢٣ والصادر لصالح مصطفى احمد الزعبلاوي ضد احمد العربي وفاءا لمبلغ ٥٢٥٨٠,٢٥ جنيه مصري بخلاف ما يستجد من مصاريف على راغبي الشراء الحضور للمزايدة
(٣٥) انه في يوم ٢٠٢٥/٥/٤ من الساعة الثامنة صباحا وما بعدها بناحية
كفر حجازي مركز المحلة غربية وبيوم ٢٠٢٥/٥/٥ بسوق الناحية العمومي اذا لزم الامر سيباع بالمزاد العلني الاشياء الموضحة بمحضر الحجز التنفيذي المؤرخ ٢٠٢٥/٣/٢٤ نفاذا للحكم رقم ٢٨٠٤ لسنة ٢٠٢٣ والصادر لصالح عبدالفتاح ضد مسعد وفاءا لمبلغ ٤٧٩٩٢,٤٧ جنيه مصري بخلاف ما يستجد من مصاريف على راغبي الشراء الحضور للمزايدة
(٣٦) انه في يوم ٢٠٢٥/٤/٢٠ من الساعة الثامنة صباحا وما بعدها بناحية
منشية البكري ثان المحلة غربية وبيوم ٢٠٢٥/٤/٢٦ بسوق الناحية العمومي اذا لزم الامر سيباع بالمزاد العلني الاشياء الموضحة بمحضر الحجز التنفيذي المؤرخ ٢٠٢٥/٣/٢٠ نفاذا للحكم رقم ٢٤٨٧ لسنة ٢٠٢٢ والصادر لصالح هدى عبدالرحمن ضد ماجد وفاءا لمبلغ ٢٣٠٠٠ جنيه مصري بخلاف ما يستجد من مصاريف على راغبي الشراء الحضور للمزايدة
(٣٧) انه في يوم ٢٠٢٥/٥/١٨ من الساعة الثامنة صباحا وما بعدها بناحية
ابوراضي اول المحلة غربية وبيوم ٢٠٢٥/٥/١٩ بسوق الناحية العمومي اذا لزم الامر سيباع بالمزاد العلني الاشياء الموضحة بمحضر الحجز التنفيذي المؤرخ ٢٠٢٥/٤/٢٧ نفاذا للحكم رقم ١٦٠ لسنة ٢٠١٩ والصادر لصالح محمد ضد عبدالله وفاءا لمبلغ ٢٥٥٥٩,٩٢ جنيه مصري بخلاف ما يستجد من مصاريف على راغبي الشراء الحضور للمزايدة
(٣٨) انه في يوم ٢٠٢٥/٥/١٨ من الساعة الثامنة صباحا وما بعدها بناحية
شكري القوتلي اول المحلة غربية وبيوم ٢٠٢٥/٥/٢٠ بسوق الناحية العمومي اذا لزم الامر سيباع بالمزاد العلني الاشياء الموضحة بمحضر الحجز التنفيذي المؤرخ ٢٠٢٥/٤/٢٧ نفاذا للحكم رقم ٢٨١٤ لسنة ٢٠٢٢ والصادر لصالح احمد ضد محمد وفاءا لمبلغ ٢٥٥٦٣,٦٧ جنيه مصري بخلاف ما يستجد من مصاريف على راغبي الشراء الحضور للمزايدة
(٣٩) انه في يوم ٢٠٢٥/٥/١٨ من الساعة الثامنة صباحا وما بعدها بناحية
بطيشه مركز المحلة غربية وبيوم ٢٠٢٥/٥/١٩ بسوق الناحية العمومي اذا لزم الامر سيباع بالمزاد العلني الاشياء الموضحة بمحضر الحجز التنفيذي المؤرخ ٢٠٢٥/٤/٢٧ نفاذا للحكم رقم ٢١١٢ لسنة ٢٠٢٤ والصادر لصالح ايمن يوسف ضد محمد عبدالهادي وفاءا لمبلغ ١٢٨٣٨٨,٢٥ جنيه مصري بخلاف ما يستجد من مصاريف على راغبي الشراء الحضور للمزايدة
(٤٠) انه في يوم ٢٠٢٥/٥/٢٧ من الساعة الثامنة صباحا وما بعدها بناحية
شارع ابوالحسن ثان المحلة غربية وبيوم ٢٠٢٥/٥/٢٨ بسوق الناحية العمومي اذا لزم الامر سيباع بالمزاد العلني الاشياء الموضحة بمحضر الحجز التنفيذي المؤرخ ٢٠٢٥/٤/٢٧ نفاذا للحكم رقم ٢٥٠٠ لسنة ٢٠٢٤ والصادر لصالح محمد عبدالخالق ضد احمد وفاءا لمبلغ ٢٠١٥٢٢,٢٥ جنيه مصري بخلاف ما يستجد من مصاريف على راغبي الشراء الحضور للمزايدة
